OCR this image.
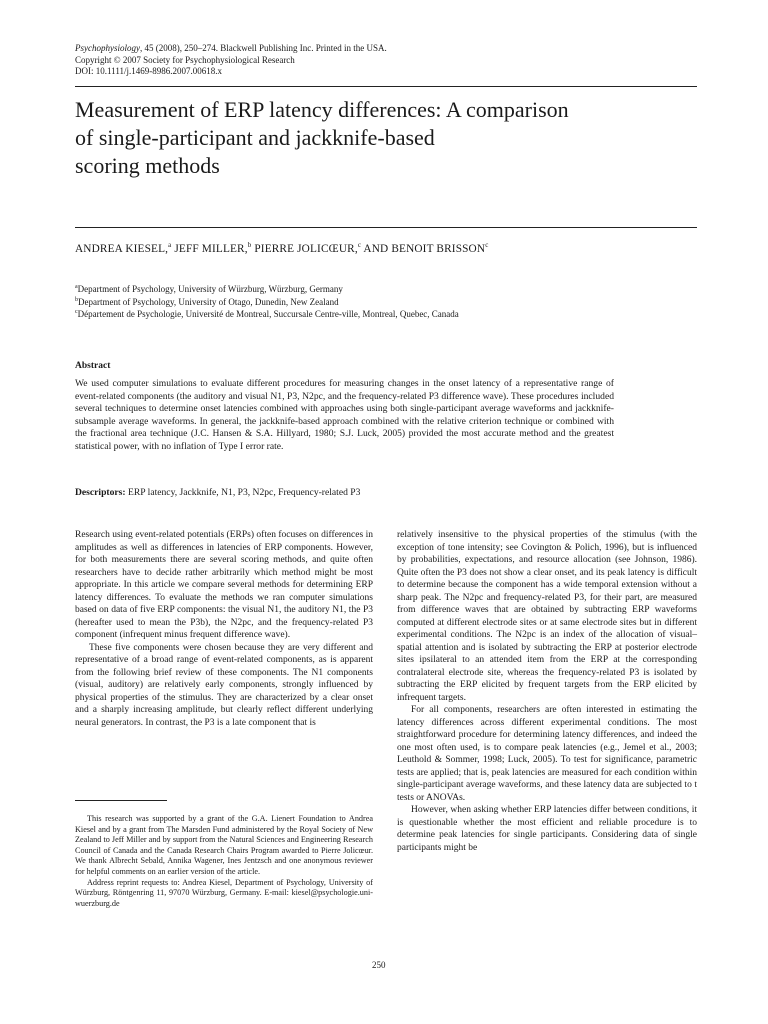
Psychophysiology, 45 (2008), 250–274. Blackwell Publishing Inc. Printed in the USA.
Copyright © 2007 Society for Psychophysiological Research
DOI: 10.1111/j.1469-8986.2007.00618.x
Measurement of ERP latency differences: A comparison
of single-participant and jackknife-based
scoring methods
ANDREA KIESEL,$^a$ JEFF MILLER,$^b$ PIERRE JOLICŒUR,$^c$ AND BENOIT BRISSON$^c$
$^a$Department of Psychology, University of Würzburg, Würzburg, Germany
$^b$Department of Psychology, University of Otago, Dunedin, New Zealand
$^c$Département de Psychologie, Université de Montreal, Succursale Centre-ville, Montreal, Quebec, Canada
Abstract
We used computer simulations to evaluate different procedures for measuring changes in the onset latency of a representative range of event-related components (the auditory and visual N1, P3, N2pc, and the frequency-related P3 difference wave). These procedures included several techniques to determine onset latencies combined with approaches using both single-participant average waveforms and jackknife-subsample average waveforms. In general, the jackknife-based approach combined with the relative criterion technique or combined with the fractional area technique (J.C. Hansen & S.A. Hillyard, 1980; S.J. Luck, 2005) provided the most accurate method and the greatest statistical power, with no inflation of Type I error rate.
Descriptors: ERP latency, Jackknife, N1, P3, N2pc, Frequency-related P3

Research using event-related potentials (ERPs) often focuses on differences in amplitudes as well as differences in latencies of ERP components. However, for both measurements there are several scoring methods, and quite often researchers have to decide rather arbitrarily which method might be most appropriate. In this article we compare several methods for determining ERP latency differences. To evaluate the methods we ran computer simulations based on data of five ERP components: the visual N1, the auditory N1, the P3 (hereafter used to mean the P3b), the N2pc, and the frequency-related P3 component (infrequent minus frequent difference wave).

These five components were chosen because they are very different and representative of a broad range of event-related components, as is apparent from the following brief review of these components. The N1 components (visual, auditory) are relatively early components, strongly influenced by physical properties of the stimulus. They are characterized by a clear onset and a sharply increasing amplitude, but clearly reflect different underlying neural generators. In contrast, the P3 is a late component that is

This research was supported by a grant of the G.A. Lienert Foundation to Andrea Kiesel and by a grant from The Marsden Fund administered by the Royal Society of New Zealand to Jeff Miller and by support from the Natural Sciences and Engineering Research Council of Canada and the Canada Research Chairs Program awarded to Pierre Jolicœur. We thank Albrecht Sebald, Annika Wagener, Ines Jentzsch and one anonymous reviewer for helpful comments on an earlier version of the article.

Address reprint requests to: Andrea Kiesel, Department of Psychology, University of Würzburg, Röntgenring 11, 97070 Würzburg, Germany. E-mail: kiesel@psychologie.uni-wuerzburg.de

relatively insensitive to the physical properties of the stimulus (with the exception of tone intensity; see Covington & Polich, 1996), but is influenced by probabilities, expectations, and resource allocation (see Johnson, 1986). Quite often the P3 does not show a clear onset, and its peak latency is difficult to determine because the component has a wide temporal extension without a sharp peak. The N2pc and frequency-related P3, for their part, are measured from difference waves that are obtained by subtracting ERP waveforms computed at different electrode sites or at same electrode sites but in different experimental conditions. The N2pc is an index of the allocation of visual–spatial attention and is isolated by subtracting the ERP at posterior electrode sites ipsilateral to an attended item from the ERP at the corresponding contralateral electrode site, whereas the frequency-related P3 is isolated by subtracting the ERP elicited by frequent targets from the ERP elicited by infrequent targets.

For all components, researchers are often interested in estimating the latency differences across different experimental conditions. The most straightforward procedure for determining latency differences, and indeed the one most often used, is to compare peak latencies (e.g., Jemel et al., 2003; Leuthold & Sommer, 1998; Luck, 2005). To test for significance, parametric tests are applied; that is, peak latencies are measured for each condition within single-participant average waveforms, and these latency data are subjected to t tests or ANOVAs.

However, when asking whether ERP latencies differ between conditions, it is questionable whether the most efficient and reliable procedure is to determine peak latencies for single participants. Considering data of single participants might be

250
